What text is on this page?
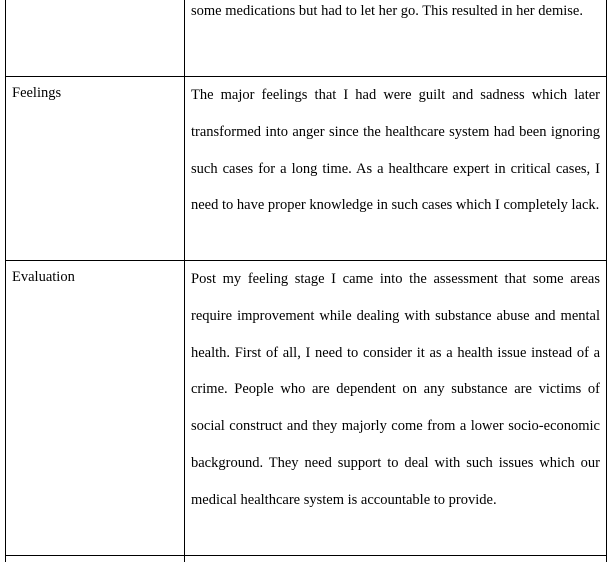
	some medications but had to let her go. This resulted in her demise.

Feelings	The major feelings that I had were guilt and sadness which later transformed into anger since the healthcare system had been ignoring such cases for a long time. As a healthcare expert in critical cases, I need to have proper knowledge in such cases which I completely lack.

Evaluation	Post my feeling stage I came into the assessment that some areas require improvement while dealing with substance abuse and mental health. First of all, I need to consider it as a health issue instead of a crime. People who are dependent on any substance are victims of social construct and they majorly come from a lower socio-economic background. They need support to deal with such issues which our medical healthcare system is accountable to provide.
